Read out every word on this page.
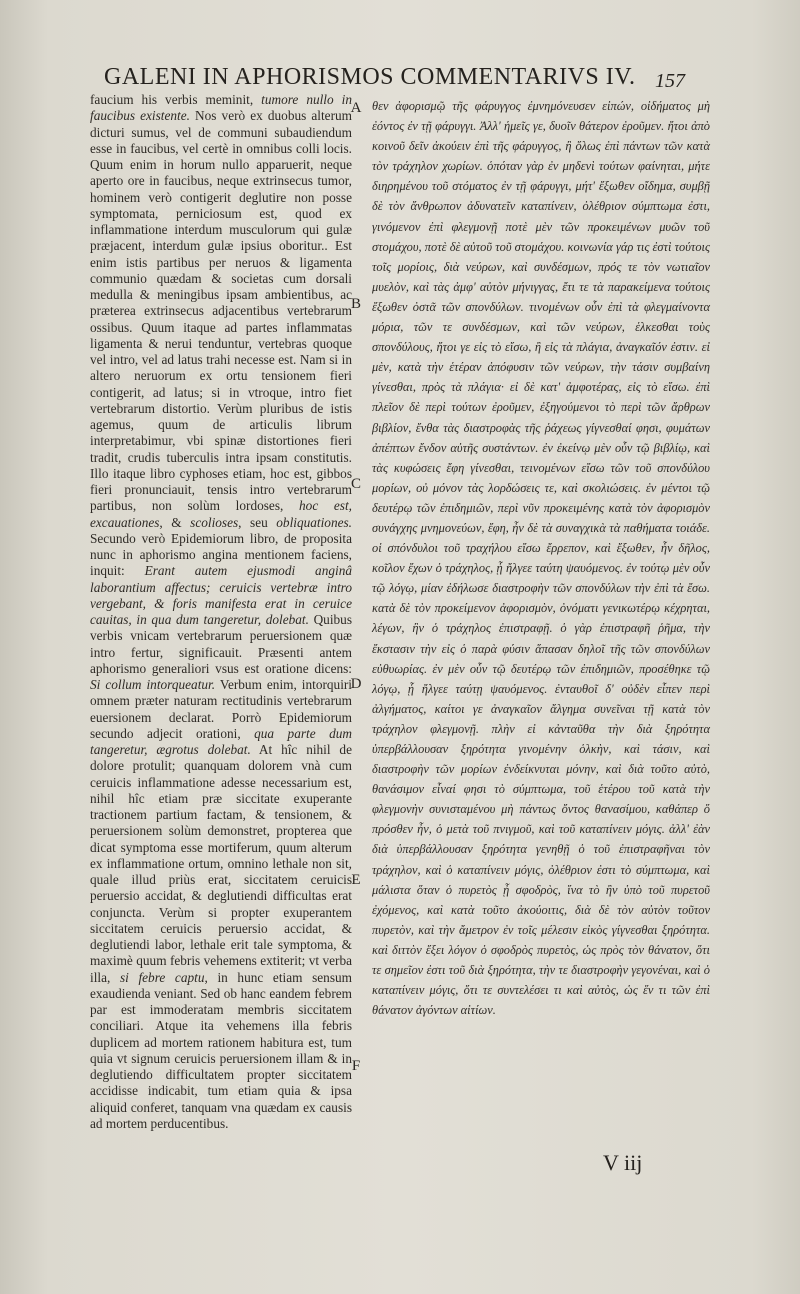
GALENI IN APHORISMOS COMMENTARIVS IV. 157

faucium his verbis meminit, tumore nullo in faucibus existente. Nos verò ex duobus alterum dicturi sumus, vel de communi subaudiendum esse in faucibus, vel certè in omnibus colli locis. Quum enim in horum nullo apparuerit, neque aperto ore in faucibus, neque extrinsecus tumor, hominem verò contigerit deglutire non posse symptomata, perniciosum est, quod ex inflammatione interdum musculorum qui gulæ præjacent, interdum gulæ ipsius oboritur.. Est enim istis partibus per neruos & ligamenta communio quædam & societas cum dorsali medulla & meningibus ipsam ambientibus, ac præterea extrinsecus adjacentibus vertebrarum ossibus. Quum itaque ad partes inflammatas ligamenta & nerui tenduntur, vertebras quoque vel intro, vel ad latus trahi necesse est. Nam si in altero neruorum ex ortu tensionem fieri contigerit, ad latus; si in vtroque, intro fiet vertebrarum distortio. Verùm pluribus de istis agemus, quum de articulis librum interpretabimur, vbi spinæ distortiones fieri tradit, crudis tuberculis intra ipsam constitutis. Illo itaque libro cyphoses etiam, hoc est, gibbos fieri pronunciauit, tensis intro vertebrarum partibus, non solùm lordoses, hoc est, excauationes, & scolioses, seu obliquationes. Secundo verò Epidemiorum libro, de proposita nunc in aphorismo angina mentionem faciens, inquit: Erant autem ejusmodi anginâ laborantium affectus; ceruicis vertebræ intro vergebant, & foris manifesta erat in ceruice cauitas, in qua dum tangeretur, dolebat. Quibus verbis vnicam vertebrarum peruersionem quæ intro fertur, significauit. Præsenti antem aphorismo generaliori vsus est oratione dicens: Si collum intorqueatur. Verbum enim, intorquiri omnem præter naturam rectitudinis vertebrarum euersionem declarat. Porrò Epidemiorum secundo adjecit orationi, qua parte dum tangeretur, ægrotus dolebat. At hîc nihil de dolore protulit; quanquam dolorem vnà cum ceruicis inflammatione adesse necessarium est, nihil hîc etiam præ siccitate exuperante tractionem partium factam, & tensionem, & peruersionem solùm demonstret, propterea que dicat symptoma esse mortiferum, quum alterum ex inflammatione ortum, omnino lethale non sit, quale illud priùs erat, siccitatem ceruicis peruersio accidat, & deglutiendi difficultas erat conjuncta. Verùm si propter exuperantem siccitatem ceruicis peruersio accidat, & deglutiendi labor, lethale erit tale symptoma, & maximè quum febris vehemens extiterit; vt verba illa, si febre captu, in hunc etiam sensum exaudienda veniant. Sed ob hanc eandem febrem par est immoderatam membris siccitatem conciliari. Atque ita vehemens illa febris duplicem ad mortem rationem habitura est, tum quia vt signum ceruicis peruersionem illam & in deglutiendo difficultatem propter siccitatem accidisse indicabit, tum etiam quia & ipsa aliquid conferet, tanquam vna quædam ex causis ad mortem perducentibus.

A
B
C
D
E
F

θεν ἀφορισμῷ τῆς φάρυγγος ἐμνημόνευσεν εἰπών, οἰδήματος μὴ ἐόντος ἐν τῇ φάρυγγι. Ἀλλ' ἡμεῖς γε, δυοῖν θάτερον ἐροῦμεν. ἤτοι ἀπὸ κοινοῦ δεῖν ἀκούειν ἐπὶ τῆς φάρυγγος, ἢ ὅλως ἐπὶ πάντων τῶν κατὰ τὸν τράχηλον χωρίων. ὁπόταν γὰρ ἐν μηδενὶ τούτων φαίνηται, μήτε διηρημένου τοῦ στόματος ἐν τῇ φάρυγγι, μήτ' ἔξωθεν οἴδημα, συμβῇ δὲ τὸν ἄνθρωπον ἀδυνατεῖν καταπίνειν, ὀλέθριον σύμπτωμα ἐστι, γινόμενον ἐπὶ φλεγμονῇ ποτὲ μὲν τῶν προκειμένων μυῶν τοῦ στομάχου, ποτὲ δὲ αὐτοῦ τοῦ στομάχου. κοινωνία γάρ τις ἐστὶ τούτοις τοῖς μορίοις, διὰ νεύρων, καὶ συνδέσμων, πρός τε τὸν νωτιαῖον μυελὸν, καὶ τὰς ἀμφ' αὐτὸν μήνιγγας, ἔτι τε τὰ παρακείμενα τούτοις ἔξωθεν ὀστᾶ τῶν σπονδύλων. τινομένων οὖν ἐπὶ τὰ φλεγμαίνοντα μόρια, τῶν τε συνδέσμων, καὶ τῶν νεύρων, ἑλκεσθαι τοὺς σπονδύλους, ἤτοι γε εἰς τὸ εἴσω, ἢ εἰς τὰ πλάγια, ἀναγκαῖόν ἐστιν. εἰ μὲν, κατὰ τὴν ἑτέραν ἀπόφυσιν τῶν νεύρων, τὴν τάσιν συμβαίνη γίνεσθαι, πρὸς τὰ πλάγια· εἰ δὲ κατ' ἀμφοτέρας, εἰς τὸ εἴσω. ἐπὶ πλεῖον δὲ περὶ τούτων ἐροῦμεν, ἐξηγούμενοι τὸ περὶ τῶν ἄρθρων βιβλίον, ἔνθα τὰς διαστροφὰς τῆς ῥάχεως γίγνεσθαί φησι, φυμάτων ἀπέπτων ἔνδον αὐτῆς συστάντων. ἐν ἐκείνῳ μὲν οὖν τῷ βιβλίῳ, καὶ τὰς κυφώσεις ἔφη γίνεσθαι, τεινομένων εἴσω τῶν τοῦ σπονδύλου μορίων, οὐ μόνον τὰς λορδώσεις τε, καὶ σκολιώσεις. ἐν μέντοι τῷ δευτέρῳ τῶν ἐπιδημιῶν, περὶ νῦν προκειμένης κατὰ τὸν ἀφορισμὸν συνάγχης μνημονεύων, ἔφη, ἦν δὲ τὰ συναγχικὰ τὰ παθήματα τοιάδε. οἱ σπόνδυλοι τοῦ τραχήλου εἴσω ἔρρεπον, καὶ ἔξωθεν, ἦν δῆλος, κοῖλον ἔχων ὁ τράχηλος, ᾗ ἤλγεε ταύτη ψαυόμενος. ἐν τούτῳ μὲν οὖν τῷ λόγῳ, μίαν ἐδήλωσε διαστροφὴν τῶν σπονδύλων τὴν ἐπὶ τὰ ἔσω. κατὰ δὲ τὸν προκείμενον ἀφορισμὸν, ὀνόματι γενικωτέρῳ κέχρηται, λέγων, ἢν ὁ τράχηλος ἐπιστραφῇ. ὁ γὰρ ἐπιστραφῆ ῥῆμα, τὴν ἔκστασιν τὴν εἰς ὁ παρὰ φύσιν ἅπασαν δηλοῖ τῆς τῶν σπονδύλων εὐθυωρίας. ἐν μὲν οὖν τῷ δευτέρῳ τῶν ἐπιδημιῶν, προσέθηκε τῷ λόγῳ, ᾗ ἤλγεε ταύτῃ ψαυόμενος. ἐνταυθοῖ δ' οὐδὲν εἶπεν περὶ ἀλγήματος, καίτοι γε ἀναγκαῖον ἄλγημα συνεῖναι τῇ κατὰ τὸν τράχηλον φλεγμονῇ. πλὴν εἰ κἀνταῦθα τὴν διὰ ξηρότητα ὑπερβάλλουσαν ξηρότητα γινομένην ὁλκὴν, καὶ τάσιν, καὶ διαστροφὴν τῶν μορίων ἐνδείκνυται μόνην, καὶ διὰ τοῦτο αὐτὸ, θανάσιμον εἶναί φησι τὸ σύμπτωμα, τοῦ ἑτέρου τοῦ κατὰ τὴν φλεγμονὴν συνισταμένου μὴ πάντως ὄντος θανασίμου, καθάπερ ὅ πρόσθεν ἦν, ὁ μετὰ τοῦ πνιγμοῦ, καὶ τοῦ καταπίνειν μόγις. ἀλλ' ἐὰν διὰ ὑπερβάλλουσαν ξηρότητα γενηθῇ ὁ τοῦ ἐπιστραφῆναι τὸν τράχηλον, καὶ ὁ καταπίνειν μόγις, ὀλέθριον ἐστι τὸ σύμπτωμα, καὶ μάλιστα ὅταν ὁ πυρετὸς ᾖ σφοδρὸς, ἵνα τὸ ἢν ὑπὸ τοῦ πυρετοῦ ἐχόμενος, καὶ κατὰ τοῦτο ἀκούοιτις, διὰ δὲ τὸν αὐτὸν τοῦτον πυρετὸν, καὶ τὴν ἄμετρον ἐν τοῖς μέλεσιν εἰκὸς γίγνεσθαι ξηρότητα. καὶ διττὸν ἕξει λόγον ὁ σφοδρὸς πυρετὸς, ὡς πρὸς τὸν θάνατον, ὅτι τε σημεῖον ἐστι τοῦ διὰ ξηρότητα, τὴν τε διαστροφὴν γεγονέναι, καὶ ὁ καταπίνειν μόγις, ὅτι τε συντελέσει τι καὶ αὐτὸς, ὡς ἕν τι τῶν ἐπὶ θάνατον ἀγόντων αἰτίων.

V iij
